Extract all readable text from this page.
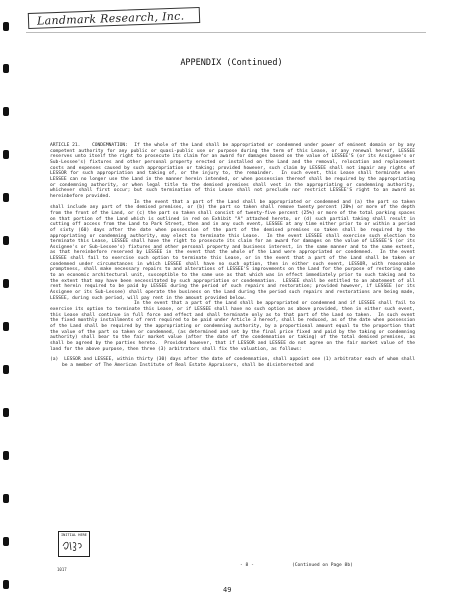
Landmark Research, Inc.
APPENDIX (Continued)

ARTICLE 21.	CONDEMNATION:  If the whole of the Land shall be appropriated or condemned under power of eminent domain or by any competent authority for any public or quasi-public use or purpose during the term of this Lease, or any renewal hereof, LESSEE reserves unto itself the right to prosecute its claim for an award for damages based on the value of LESSEE'S (or its Assignee's or Sub-Lessee's) fixtures and other personal property erected or installed on the Land and the removal, relocation and replacement costs and expenses caused by such appropriation or taking; provided however, such claim by LESSEE shall not impair any rights of LESSOR for such appropriation and taking of, or the injury to, the remainder.  In such event, this Lease shall terminate when LESSEE can no longer use the Land in the manner herein intended, or when possession thereof shall be required by the appropriating or condemning authority, or when legal title to the demised premises shall vest in the appropriating or condemning authority, whichever shall first occur; but such termination of this Lease shall not preclude nor restrict LESSEE'S right to an award as hereinbefore provided.

In the event that a part of the Land shall be appropriated or condemned and (a) the part so taken shall include any part of the demised premises, or (b) the part so taken shall remove twenty percent (20%) or more of the depth from the front of the Land, or (c) the part so taken shall consist of twenty-five percent (25%) or more of the total parking spaces on that portion of the Land which is outlined in red on Exhibit "A" attached hereto, or (d) such partial taking shall result in cutting off access from the Land to Park Street, then and in any such event, LESSEE at any time either prior to or within a period of sixty (60) days after the date when possession of the part of the demised premises so taken shall be required by the appropriating or condemning authority, may elect to terminate this Lease.  In the event LESSEE shall exercise such election to terminate this Lease, LESSEE shall have the right to prosecute its claim for an award for damages on the value of LESSEE'S (or its Assignee's or Sub-Lessee's) fixtures and other personal property and business interest, in the same manner and to the same extent, as that hereinbefore reserved by LESSEE in the event that the whole of the Land were appropriated or condemned.  In the event LESSEE shall fail to exercise such option to terminate this Lease, or in the event that a part of the Land shall be taken or condemned under circumstances in which LESSEE shall have no such option, then in either such event, LESSOR, with reasonable promptness, shall make necessary repairs to and alterations of LESSEE'S improvements on the Land for the purpose of restoring same to an economic architectural unit, susceptible to the same use as that which was in effect immediately prior to such taking and to the extent that may have been necessitated by such appropriation or condemnation.  LESSEE shall be entitled to an abatement of all rent herein required to be paid by LESSEE during the period of such repairs and restoration; provided however, if LESSEE (or its Assignee or its Sub-Lessee) shall operate the business on the Land during the period such repairs and restorations are being made, LESSEE, during such period, will pay rent in the amount provided below.

In the event that a part of the Land shall be appropriated or condemned and if LESSEE shall fail to exercise its option to terminate this Lease, or if LESSEE shall have no such option as above provided, then in either such event, this Lease shall continue in full force and effect and shall terminate only as to that part of the Land so taken.  In such event the fixed monthly installments of rent required to be paid under Article 3 hereof, shall be reduced, as of the date when possession of the Land shall be required by the appropriating or condemning authority, by a proportional amount equal to the proportion that the value of the part so taken or condemned, (as determined and set by the final price fixed and paid by the taking or condemning authority) shall bear to the fair market value (after the date of the condemnation or taking) of the total demised premises, as shall be agreed by the parties hereto.  Provided however, that if LESSOR and LESSEE do not agree on the fair market value of the land for the above purpose, then three (3) arbitrators shall fix the valuation, as follows:

(a)  LESSOR and LESSEE, within thirty (30) days after the date of condemnation, shall appoint one (1) arbitrator each of whom shall be a member of The American Institute of Real Estate Appraisers, shall be disinterested and

INITIAL HERE
1017
- 8 -	(Continued on Page 8b)
49
